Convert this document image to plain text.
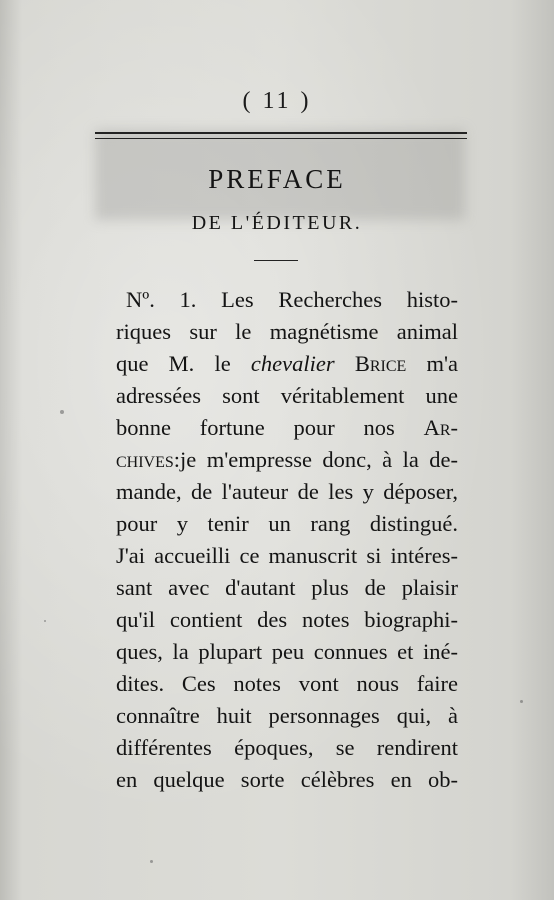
( 11 )
PREFACE
DE L'ÉDITEUR.
Nº. 1. Les Recherches histo-
riques sur le magnétisme animal
que M. le chevalier Brice m'a
adressées sont véritablement une
bonne fortune pour nos Ar-
chives:je m'empresse donc, à la de-
mande, de l'auteur de les y déposer,
pour y tenir un rang distingué.
J'ai accueilli ce manuscrit si intéres-
sant avec d'autant plus de plaisir
qu'il contient des notes biographi-
ques, la plupart peu connues et iné-
dites. Ces notes vont nous faire
connaître huit personnages qui, à
différentes époques, se rendirent
en quelque sorte célèbres en ob-
